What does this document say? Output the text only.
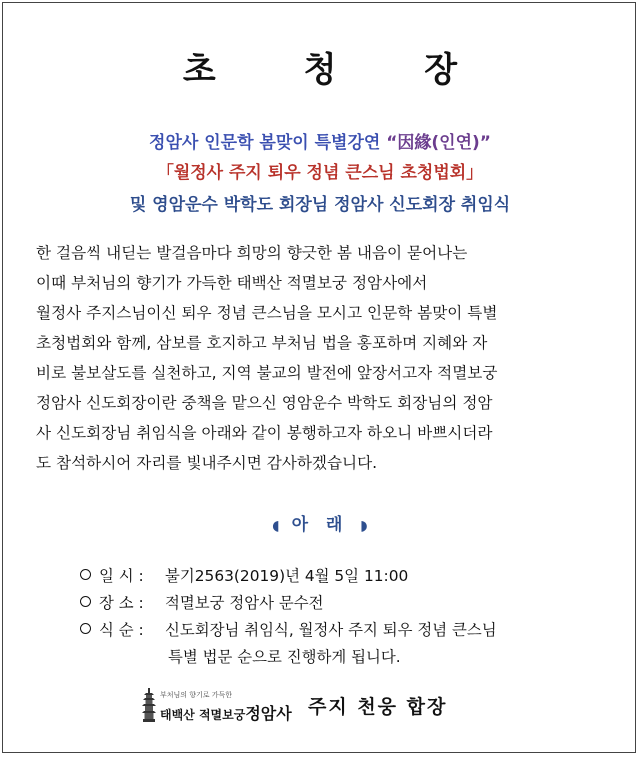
초 청 장
정암사 인문학 봄맞이 특별강연 “因緣(인연)”
「월정사 주지 퇴우 정념 큰스님 초청법회」
및 영암운수 박학도 회장님 정암사 신도회장 취임식
한 걸음씩 내딛는 발걸음마다 희망의 향긋한 봄 내음이 묻어나는
이때 부처님의 향기가 가득한 태백산 적멸보궁 정암사에서
월정사 주지스님이신 퇴우 정념 큰스님을 모시고 인문학 봄맞이 특별
초청법회와 함께, 삼보를 호지하고 부처님 법을 홍포하며 지혜와 자
비로 불보살도를 실천하고, 지역 불교의 발전에 앞장서고자 적멸보궁
정암사 신도회장이란 중책을 맡으신 영암운수 박학도 회장님의 정암
사 신도회장님 취임식을 아래와 같이 봉행하고자 하오니 바쁘시더라
도 참석하시어 자리를 빛내주시면 감사하겠습니다.
◖ 아 래 ◗
일 시 : 불기2563(2019)년 4월 5일 11:00
장 소 : 적멸보궁 정암사 문수전
식 순 : 신도회장님 취임식, 월정사 주지 퇴우 정념 큰스님
특별 법문 순으로 진행하게 됩니다.
부처님의 향기로 가득한
태백산 적멸보궁정암사 주지 천웅 합장
